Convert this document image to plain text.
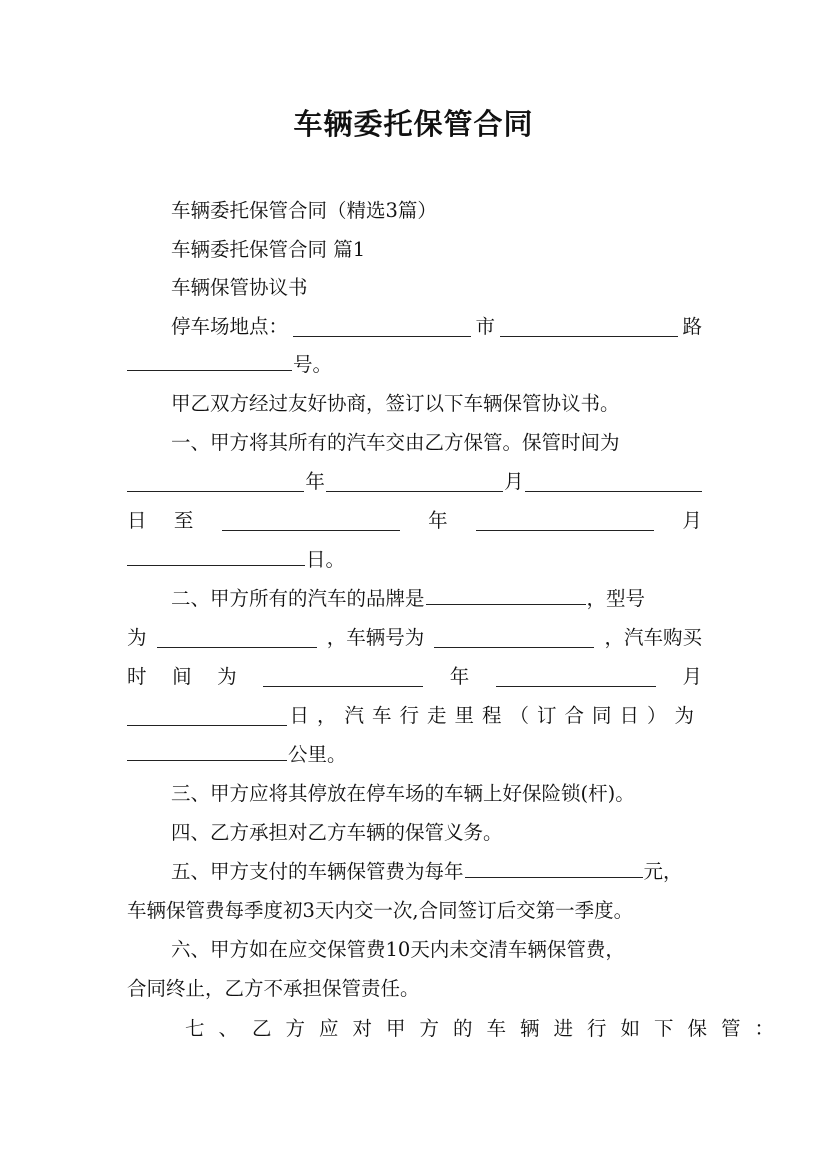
车辆委托保管合同
车辆委托保管合同（精选3篇）
车辆委托保管合同 篇1
车辆保管协议书
停车场地点：	市	路
号。
甲乙双方经过友好协商，签订以下车辆保管协议书。
一、甲方将其所有的汽车交由乙方保管。保管时间为
年	月
日 至	年	月
日。
二、甲方所有的汽车的品牌是	，型号
为	，车辆号为	，汽车购买
时 间 为	年	月
日，汽车行走里程（订合同日）为
公里。
三、甲方应将其停放在停车场的车辆上好保险锁(杆)。
四、乙方承担对乙方车辆的保管义务。
五、甲方支付的车辆保管费为每年	元，
车辆保管费每季度初3天内交一次,合同签订后交第一季度。
六、甲方如在应交保管费10天内未交清车辆保管费，
合同终止，乙方不承担保管责任。
七、乙方应对甲方的车辆进行如下保管：
